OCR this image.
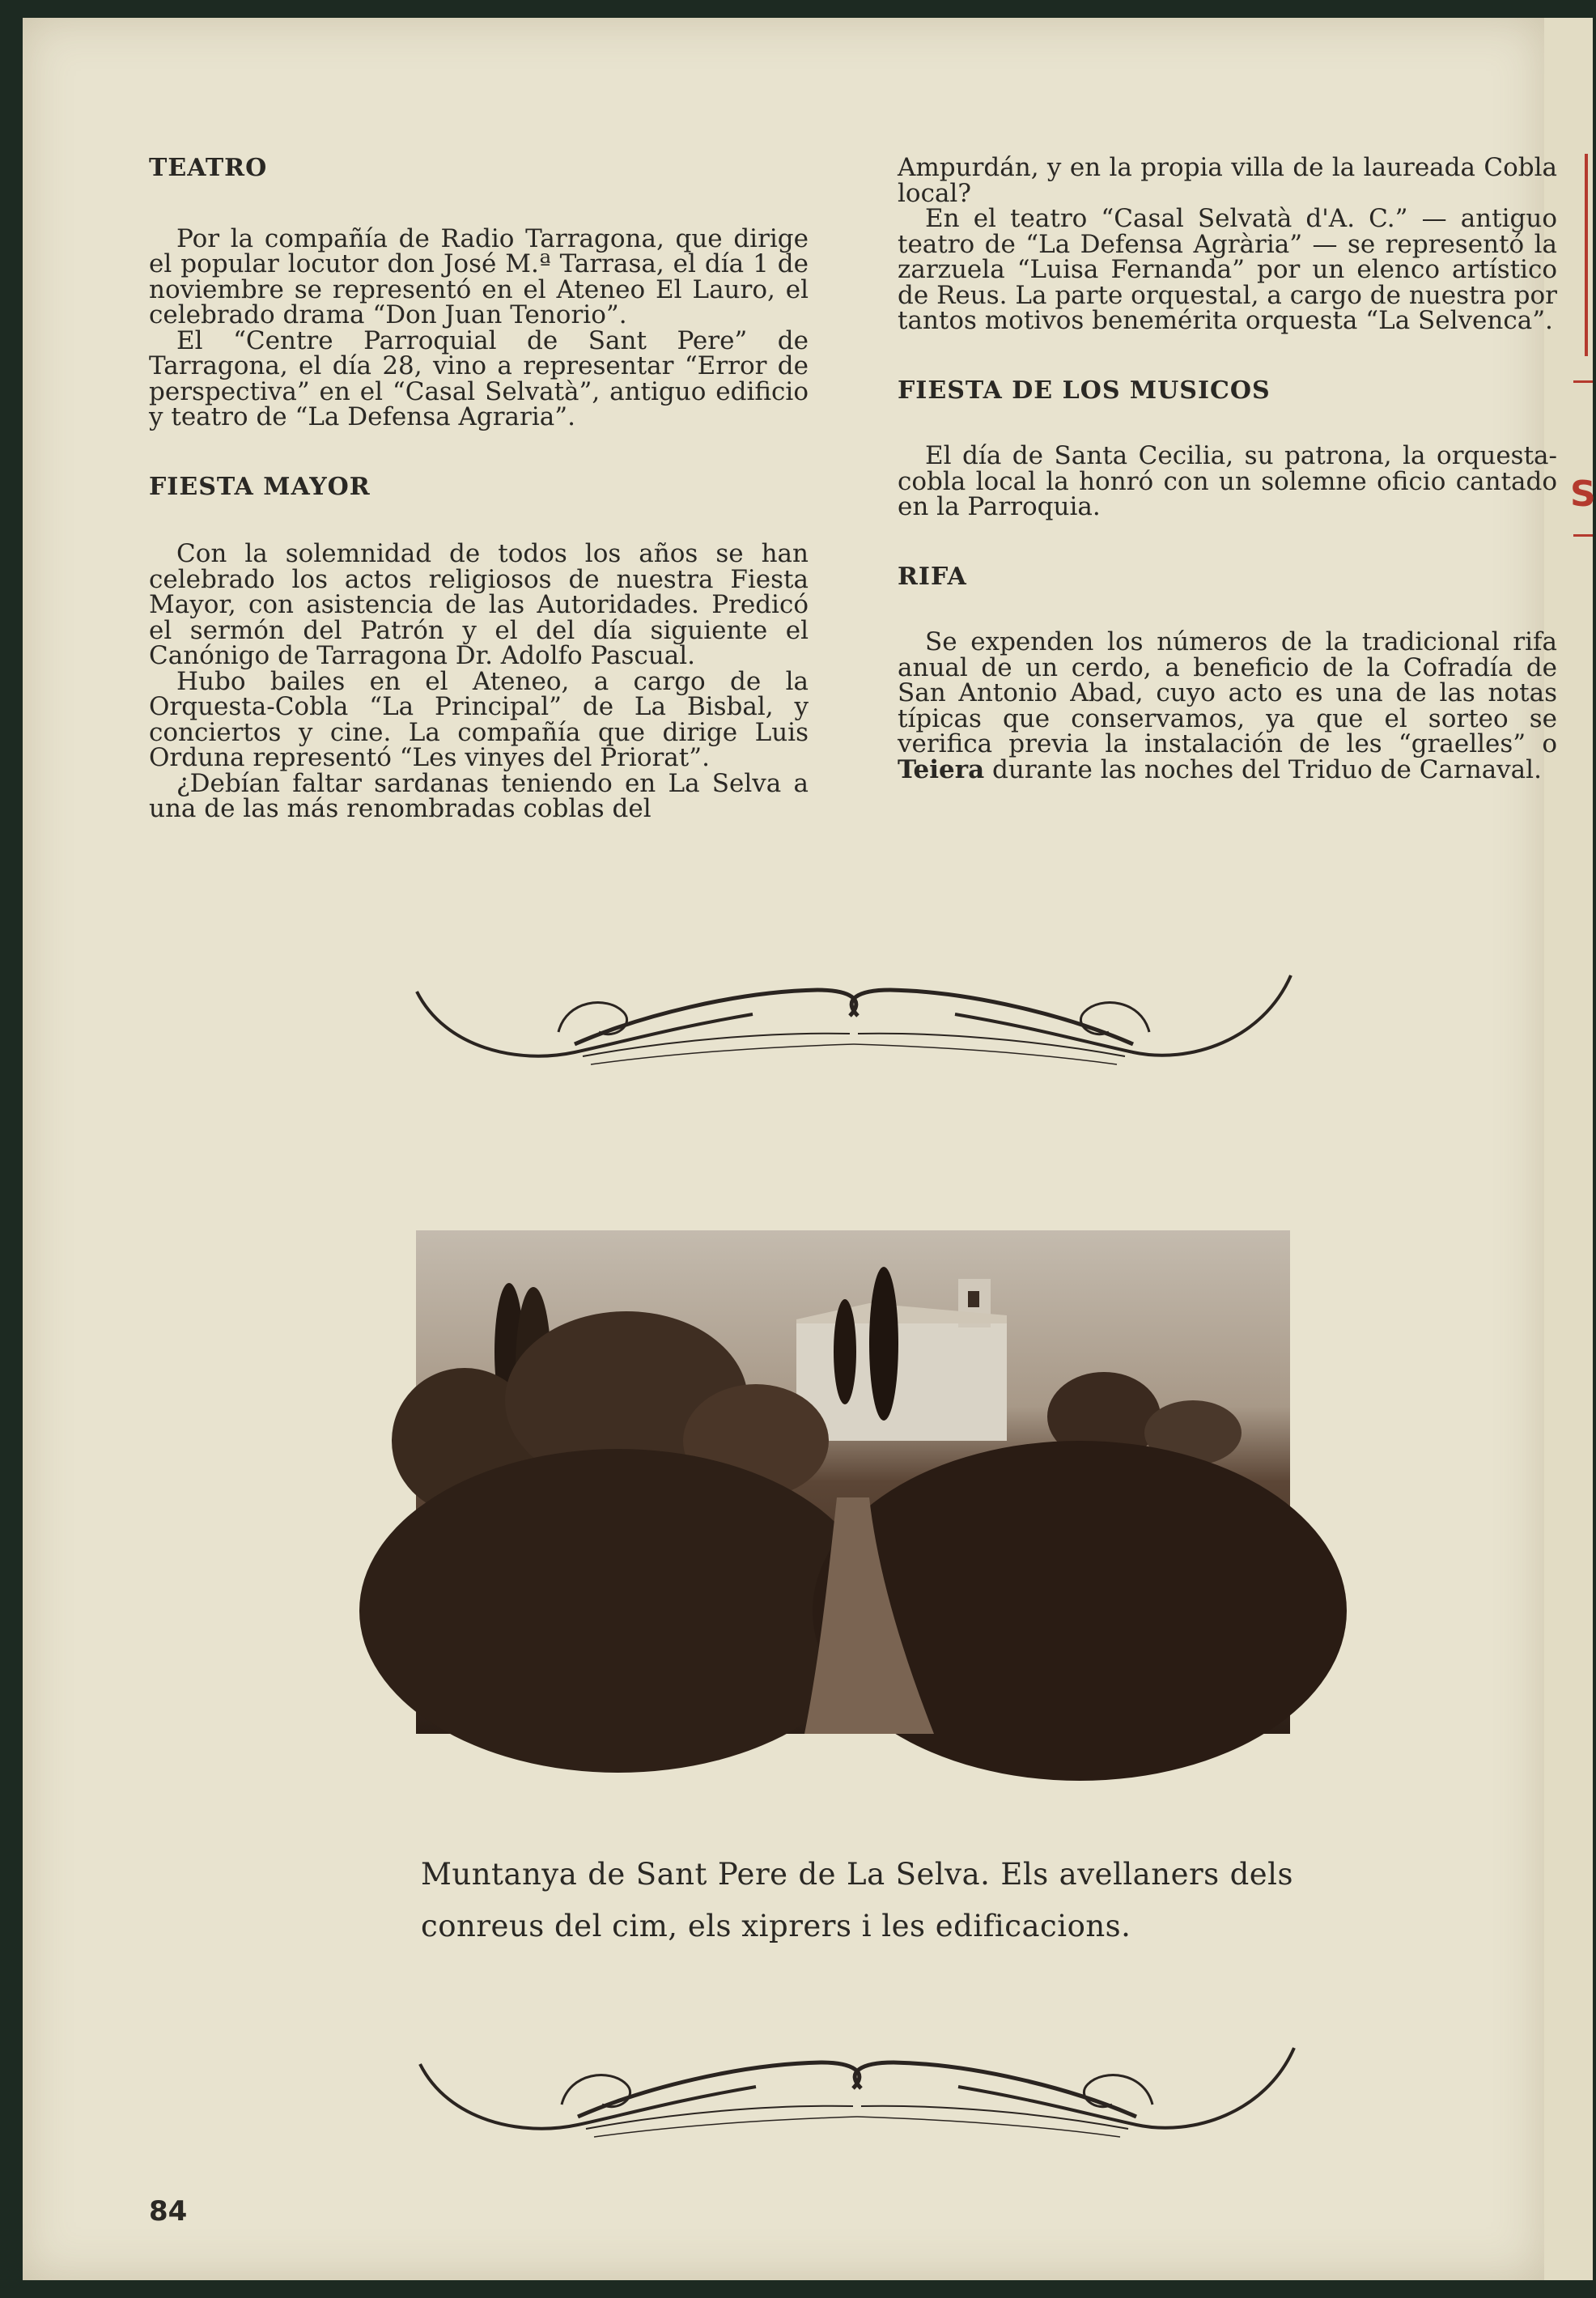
S
TEATRO

Por la compañía de Radio Tarragona, que dirige el popular locutor don José M.ª Tarrasa, el día 1 de noviembre se representó en el Ateneo El Lauro, el celebrado drama “Don Juan Tenorio”.

El “Centre Parroquial de Sant Pere” de Tarragona, el día 28, vino a representar “Error de perspectiva” en el “Casal Selvatà”, antiguo edificio y teatro de “La Defensa Agraria”.

FIESTA MAYOR

Con la solemnidad de todos los años se han celebrado los actos religiosos de nuestra Fiesta Mayor, con asistencia de las Autoridades. Predicó el sermón del Patrón y el del día siguiente el Canónigo de Tarragona Dr. Adolfo Pascual.

Hubo bailes en el Ateneo, a cargo de la Orquesta-Cobla “La Principal” de La Bisbal, y conciertos y cine. La compañía que dirige Luis Orduna representó “Les vinyes del Priorat”.

¿Debían faltar sardanas teniendo en La Selva a una de las más renombradas coblas del

Ampurdán, y en la propia villa de la laureada Cobla local?

En el teatro “Casal Selvatà d'A. C.” — antiguo teatro de “La Defensa Agrària” — se representó la zarzuela “Luisa Fernanda” por un elenco artístico de Reus. La parte orquestal, a cargo de nuestra por tantos motivos benemérita orquesta “La Selvenca”.

FIESTA DE LOS MUSICOS

El día de Santa Cecilia, su patrona, la orquesta-cobla local la honró con un solemne oficio cantado en la Parroquia.

RIFA

Se expenden los números de la tradicional rifa anual de un cerdo, a beneficio de la Cofradía de San Antonio Abad, cuyo acto es una de las notas típicas que conservamos, ya que el sorteo se verifica previa la instalación de les “graelles” o Teiera durante las noches del Triduo de Carnaval.

Muntanya de Sant Pere de La Selva. Els avellaners dels conreus del cim, els xiprers i les edificacions.
84
